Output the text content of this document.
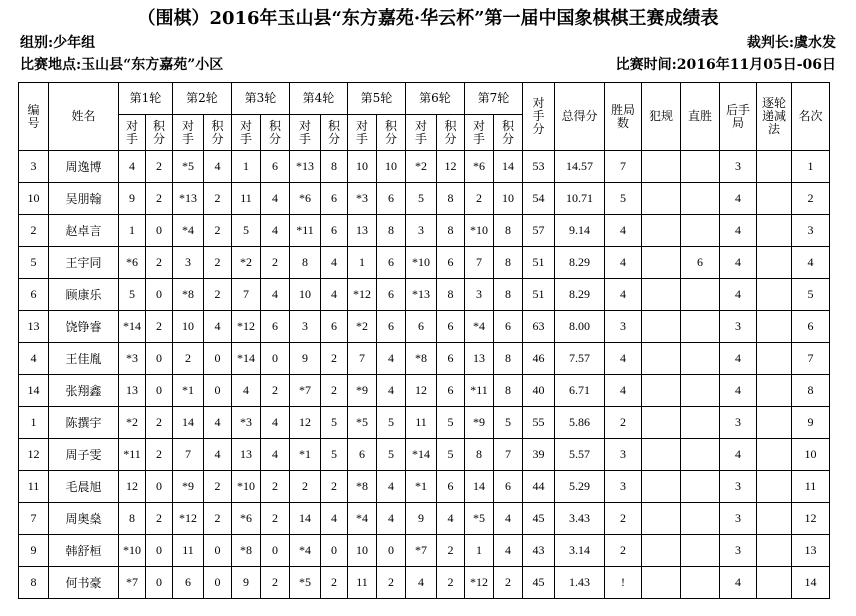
（围棋）2016年玉山县“东方嘉苑·华云杯”第一届中国象棋棋王赛成绩表
组别:少年组	裁判长:虞水发
比赛地点:玉山县“东方嘉苑”小区	比赛时间:2016年11月05日-06日
编号	姓名	第1轮		第2轮		第3轮		第4轮		第5轮		第6轮		第7轮		对手分	总得分	胜局数	犯规	直胜	后手局	逐轮递减法	名次
		对手	积分	对手	积分	对手	积分	对手	积分	对手	积分	对手	积分	对手	积分								
3	周逸博	4	2	*5	4	1	6	*13	8	10	10	*2	12	*6	14	53	14.57	7			3		1
10	吴朋翰	9	2	*13	2	11	4	*6	6	*3	6	5	8	2	10	54	10.71	5			4		2
2	赵卓言	1	0	*4	2	5	4	*11	6	13	8	3	8	*10	8	57	9.14	4			4		3
5	王宇同	*6	2	3	2	*2	2	8	4	1	6	*10	6	7	8	51	8.29	4		6	4		4
6	顾康乐	5	0	*8	2	7	4	10	4	*12	6	*13	8	3	8	51	8.29	4			4		5
13	饶铮睿	*14	2	10	4	*12	6	3	6	*2	6	6	6	*4	6	63	8.00	3			3		6
4	王佳胤	*3	0	2	0	*14	0	9	2	7	4	*8	6	13	8	46	7.57	4			4		7
14	张翔鑫	13	0	*1	0	4	2	*7	2	*9	4	12	6	*11	8	40	6.71	4			4		8
1	陈撰宇	*2	2	14	4	*3	4	12	5	*5	5	11	5	*9	5	55	5.86	2			3		9
12	周子雯	*11	2	7	4	13	4	*1	5	6	5	*14	5	8	7	39	5.57	3			4		10
11	毛晨旭	12	0	*9	2	*10	2	2	2	*8	4	*1	6	14	6	44	5.29	3			3		11
7	周奥燊	8	2	*12	2	*6	2	14	4	*4	4	9	4	*5	4	45	3.43	2			3		12
9	韩舒桓	*10	0	11	0	*8	0	*4	0	10	0	*7	2	1	4	43	3.14	2			3		13
8	何书豪	*7	0	6	0	9	2	*5	2	11	2	4	2	*12	2	45	1.43	!			4		14
